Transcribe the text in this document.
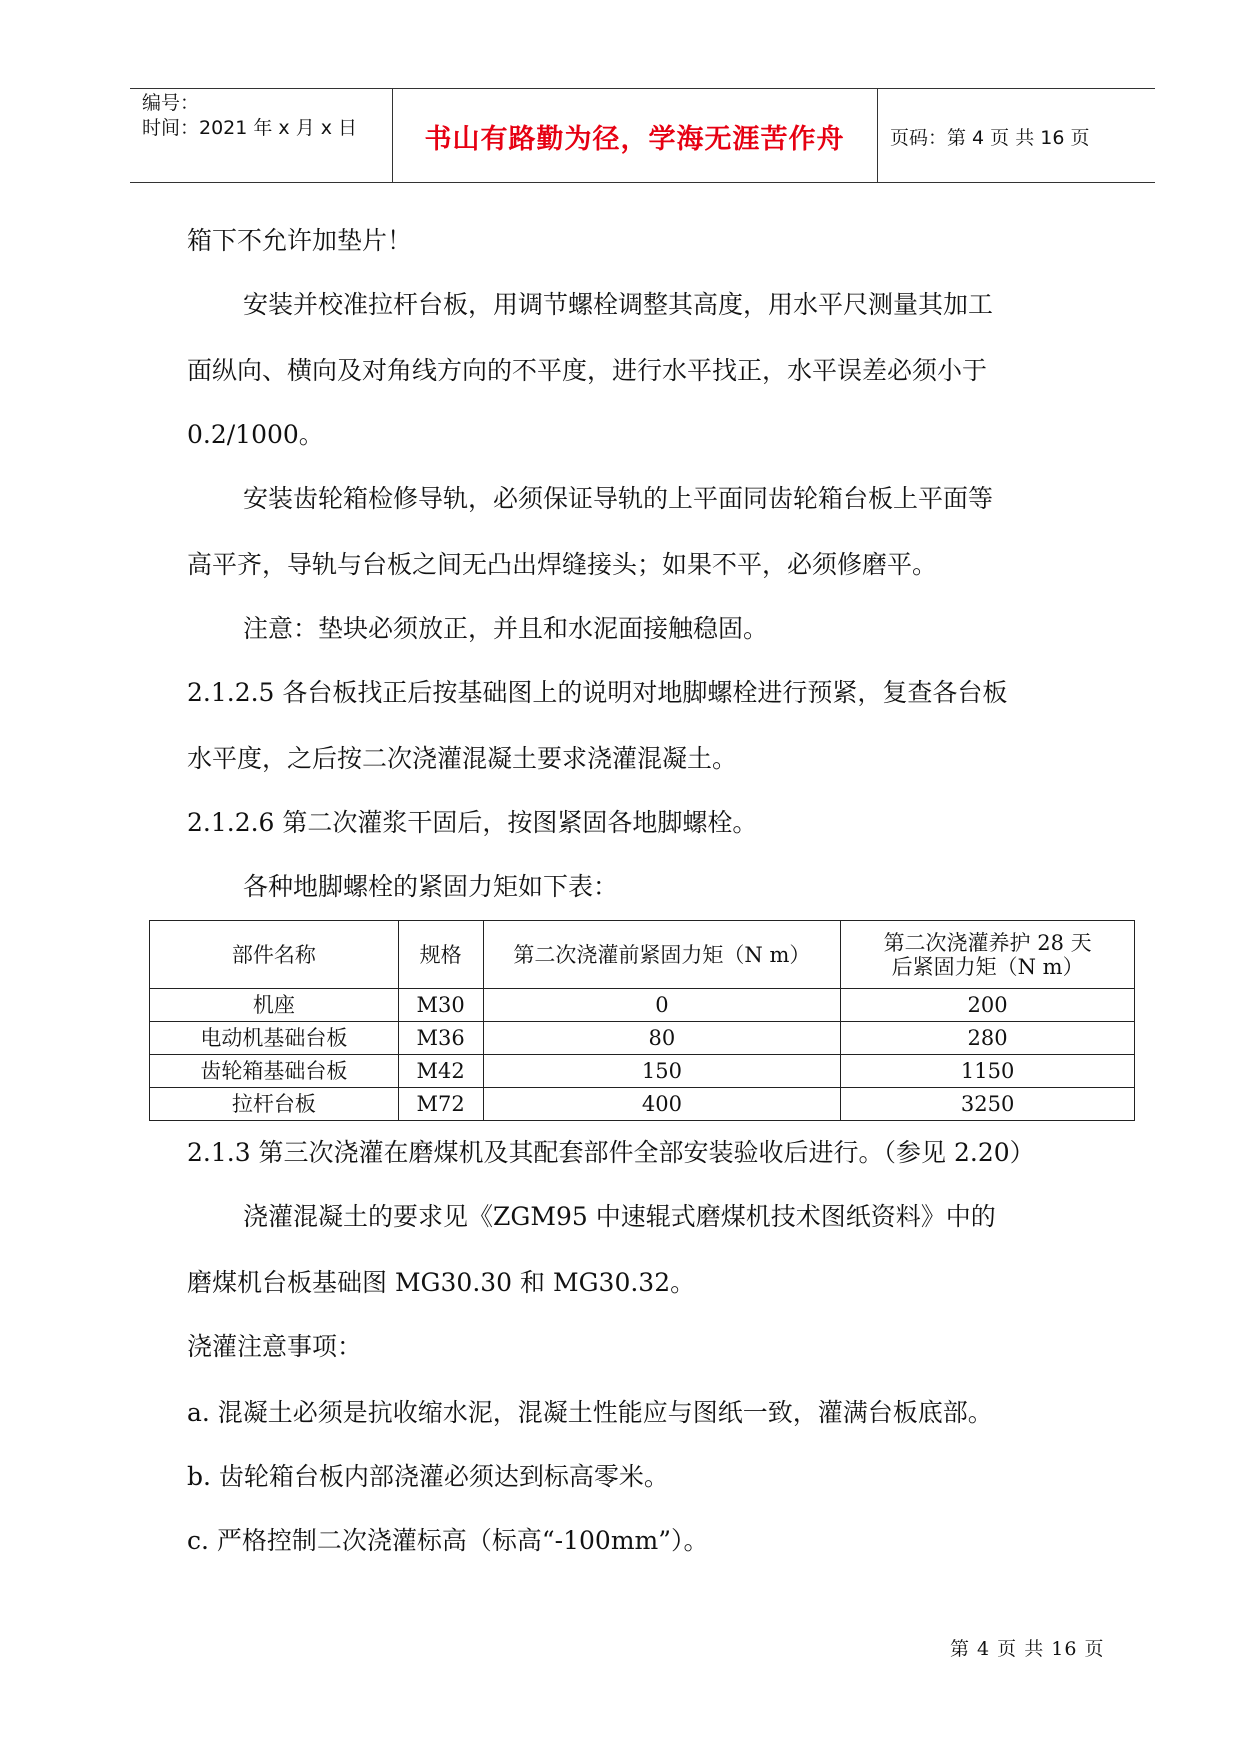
编号：
时间：2021 年 x 月 x 日	书山有路勤为径，学海无涯苦作舟	页码：第 4 页 共 16 页
箱下不允许加垫片！
安装并校准拉杆台板，用调节螺栓调整其高度，用水平尺测量其加工
面纵向、横向及对角线方向的不平度，进行水平找正，水平误差必须小于
0.2/1000。
安装齿轮箱检修导轨，必须保证导轨的上平面同齿轮箱台板上平面等
高平齐，导轨与台板之间无凸出焊缝接头；如果不平，必须修磨平。
注意：垫块必须放正，并且和水泥面接触稳固。
2.1.2.5 各台板找正后按基础图上的说明对地脚螺栓进行预紧，复查各台板
水平度，之后按二次浇灌混凝土要求浇灌混凝土。
2.1.2.6 第二次灌浆干固后，按图紧固各地脚螺栓。
各种地脚螺栓的紧固力矩如下表：
部件名称	规格	第二次浇灌前紧固力矩（N m）	第二次浇灌养护 28 天后紧固力矩（N m）
机座	M30	0	200
电动机基础台板	M36	80	280
齿轮箱基础台板	M42	150	1150
拉杆台板	M72	400	3250
2.1.3 第三次浇灌在磨煤机及其配套部件全部安装验收后进行。（参见 2.20）
浇灌混凝土的要求见《ZGM95 中速辊式磨煤机技术图纸资料》中的
磨煤机台板基础图 MG30.30 和 MG30.32。
浇灌注意事项：
a. 混凝土必须是抗收缩水泥，混凝土性能应与图纸一致，灌满台板底部。
b. 齿轮箱台板内部浇灌必须达到标高零米。
c. 严格控制二次浇灌标高（标高“-100mm”）。
第 4 页 共 16 页
